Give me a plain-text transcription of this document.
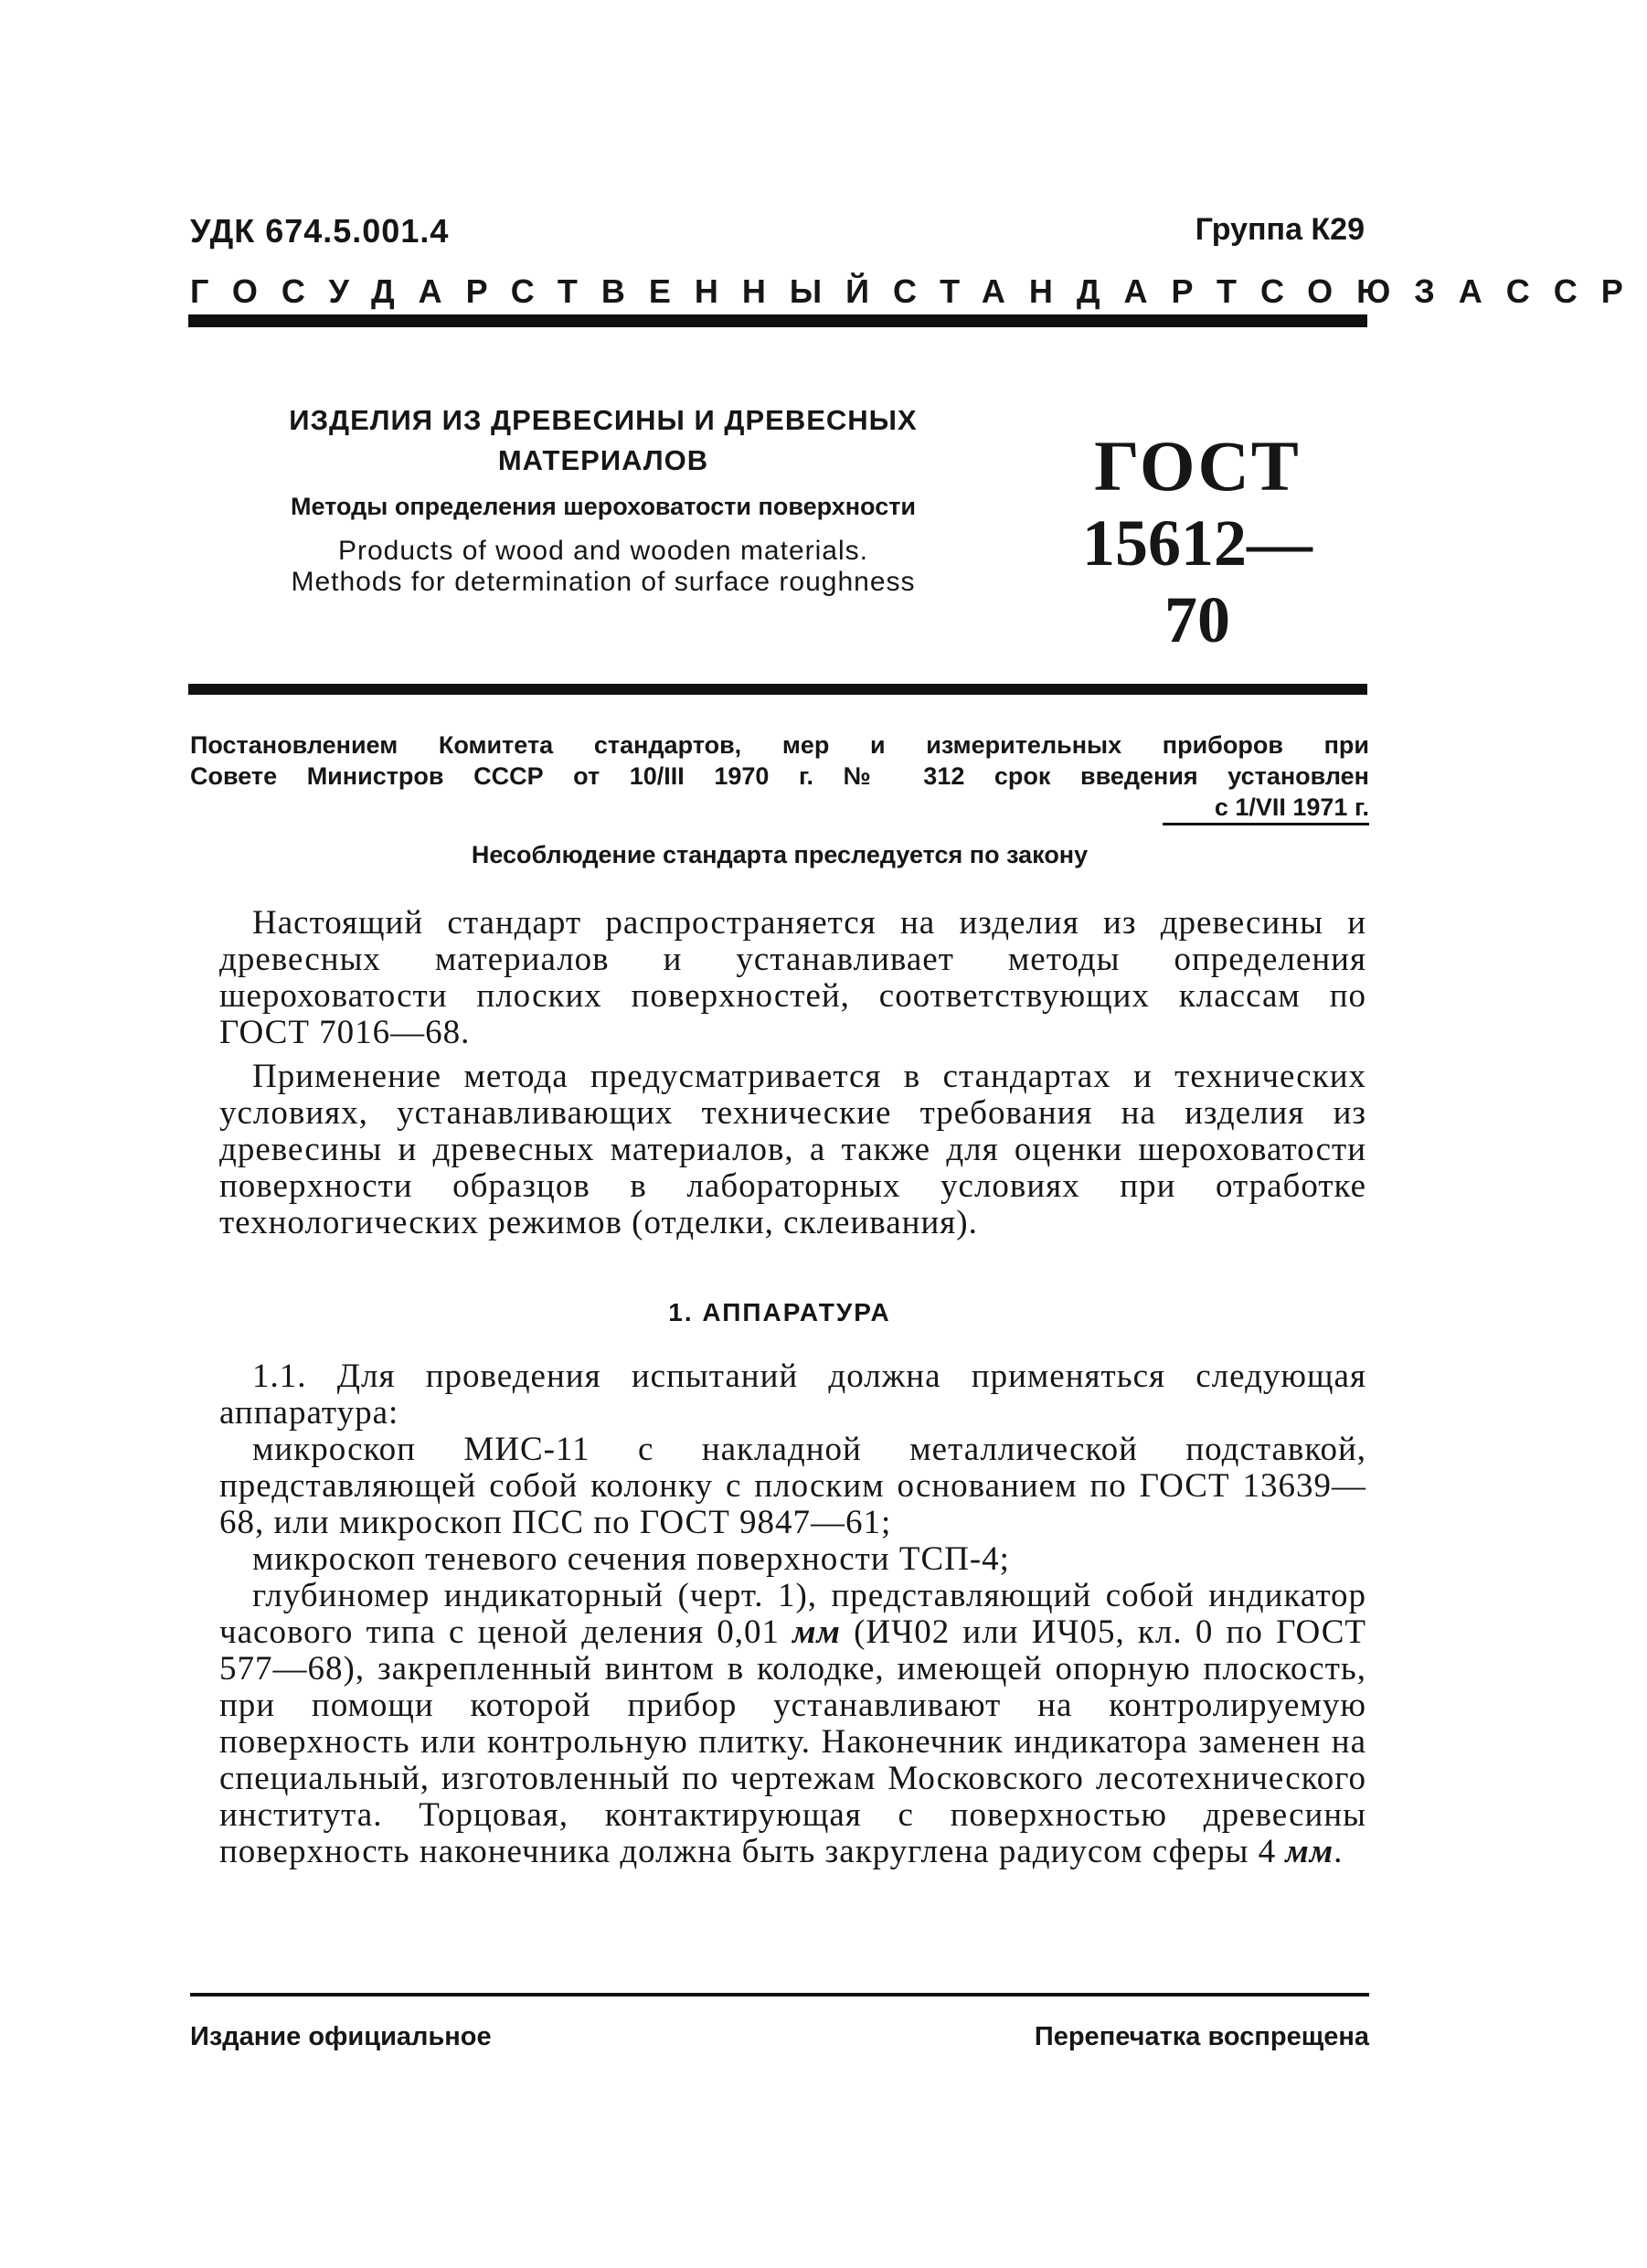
УДК 674.5.001.4	Группа К29
ГОСУДАРСТВЕННЫЙ СТАНДАРТ СОЮЗА ССР
ИЗДЕЛИЯ ИЗ ДРЕВЕСИНЫ И ДРЕВЕСНЫХ
МАТЕРИАЛОВ
Методы определения шероховатости поверхности
Products of wood and wooden materials.
Methods for determination of surface roughness
ГОСТ
15612—70
Постановлением Комитета стандартов, мер и измерительных приборов при
Совете Министров СССР от 10/III 1970 г. № 312 срок введения установлен
с 1/VII 1971 г.
Несоблюдение стандарта преследуется по закону

Настоящий стандарт распространяется на изделия из древесины и древесных материалов и устанавливает методы определения шероховатости плоских поверхностей, соответствующих классам по ГОСТ 7016—68.

Применение метода предусматривается в стандартах и технических условиях, устанавливающих технические требования на изделия из древесины и древесных материалов, а также для оценки шероховатости поверхности образцов в лабораторных условиях при отработке технологических режимов (отделки, склеивания).

1. АППАРАТУРА

1.1. Для проведения испытаний должна применяться следующая аппаратура:

микроскоп МИС-11 с накладной металлической подставкой, представляющей собой колонку с плоским основанием по ГОСТ 13639—68, или микроскоп ПСС по ГОСТ 9847—61;

микроскоп теневого сечения поверхности ТСП-4;

глубиномер индикаторный (черт. 1), представляющий собой индикатор часового типа с ценой деления 0,01 мм (ИЧ02 или ИЧ05, кл. 0 по ГОСТ 577—68), закрепленный винтом в колодке, имеющей опорную плоскость, при помощи которой прибор устанавливают на контролируемую поверхность или контрольную плитку. Наконечник индикатора заменен на специальный, изготовленный по чертежам Московского лесотехнического института. Торцовая, контактирующая с поверхностью древесины поверхность наконечника должна быть закруглена радиусом сферы 4 мм.

Издание официальное	Перепечатка воспрещена
